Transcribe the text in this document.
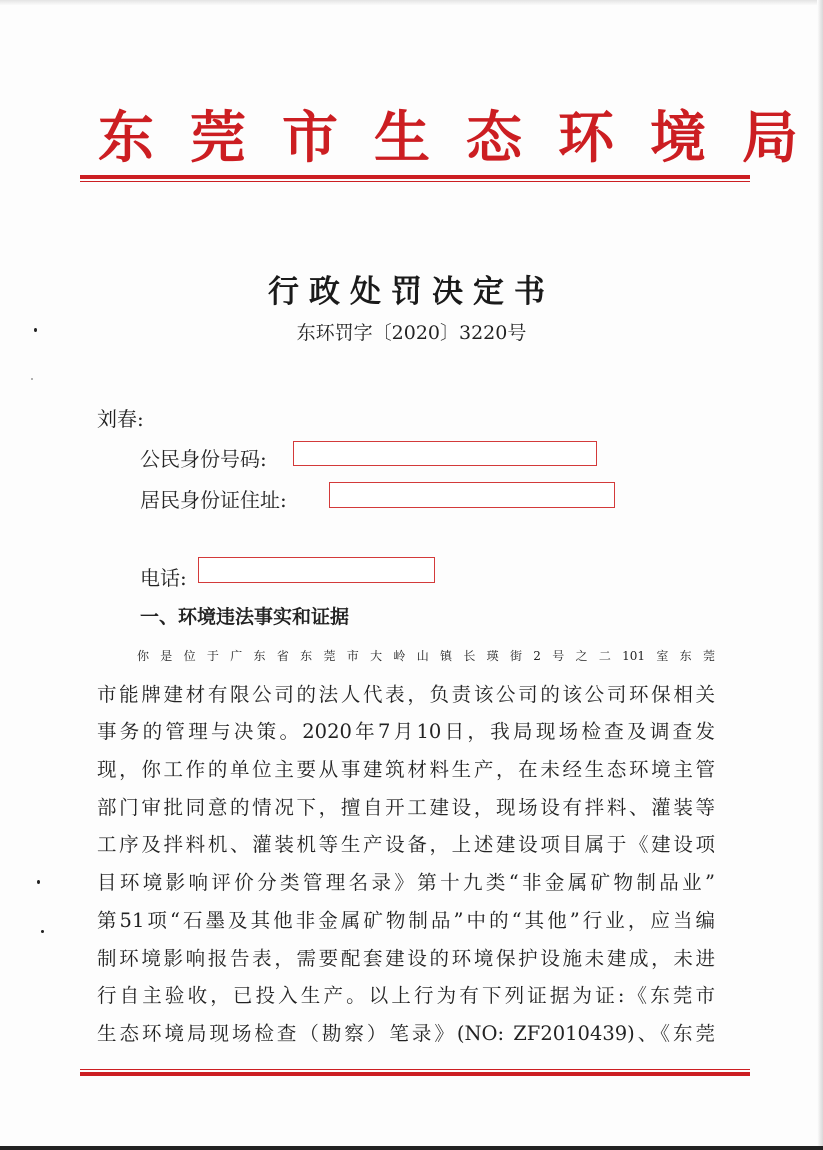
东 莞 市 生 态 环 境 局
行政处罚决定书
东环罚字〔2020〕3220号
刘春:
公民身份号码:
居民身份证住址:
电话:
一、环境违法事实和证据
你是位于广东省东莞市大岭山镇长瑛街2号之二101室东莞
市能牌建材有限公司的法人代表，负责该公司的该公司环保相关
事务的管理与决策。2020年7月10日，我局现场检查及调查发
现，你工作的单位主要从事建筑材料生产，在未经生态环境主管
部门审批同意的情况下，擅自开工建设，现场设有拌料、灌装等
工序及拌料机、灌装机等生产设备，上述建设项目属于《建设项
目环境影响评价分类管理名录》第十九类“非金属矿物制品业”
第51项“石墨及其他非金属矿物制品”中的“其他”行业，应当编
制环境影响报告表，需要配套建设的环境保护设施未建成，未进
行自主验收，已投入生产。以上行为有下列证据为证:《东莞市
生态环境局现场检查（勘察）笔录》(NO: ZF2010439)、《东莞
